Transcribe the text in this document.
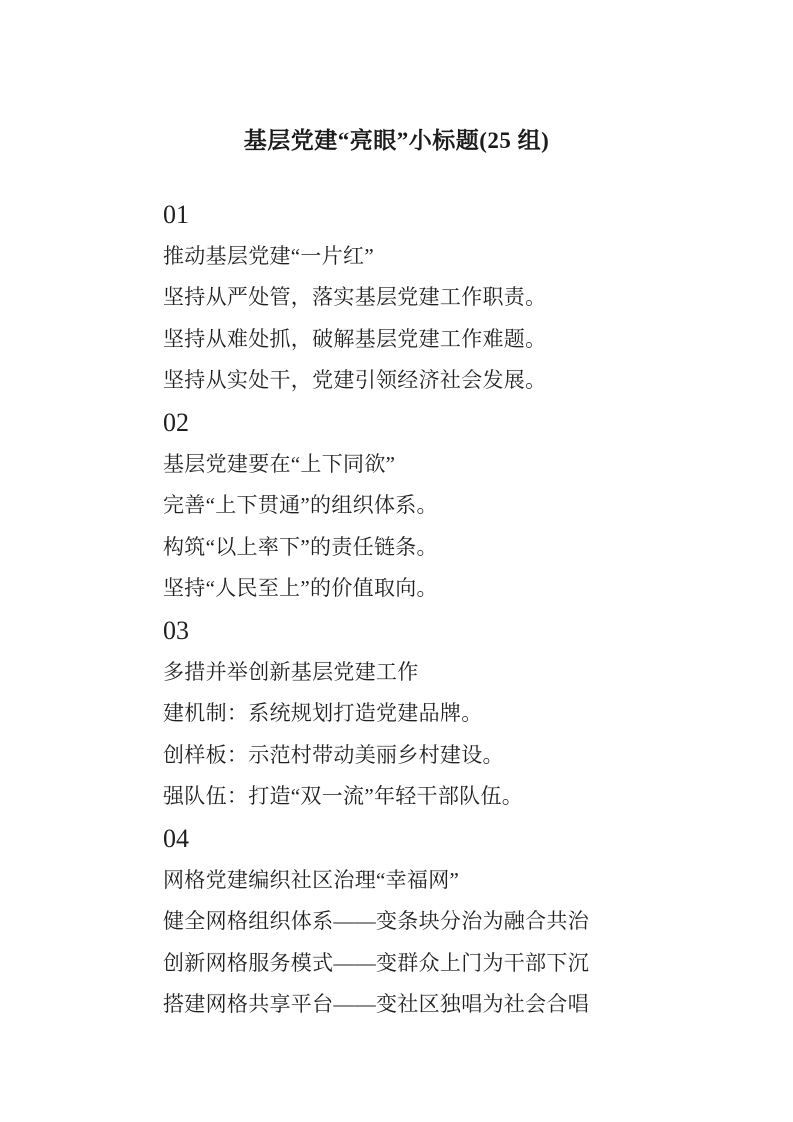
基层党建“亮眼”小标题(25 组)

01

推动基层党建“一片红”

坚持从严处管，落实基层党建工作职责。

坚持从难处抓，破解基层党建工作难题。

坚持从实处干，党建引领经济社会发展。

02

基层党建要在“上下同欲”

完善“上下贯通”的组织体系。

构筑“以上率下”的责任链条。

坚持“人民至上”的价值取向。

03

多措并举创新基层党建工作

建机制：系统规划打造党建品牌。

创样板：示范村带动美丽乡村建设。

强队伍：打造“双一流”年轻干部队伍。

04

网格党建编织社区治理“幸福网”

健全网格组织体系——变条块分治为融合共治

创新网格服务模式——变群众上门为干部下沉

搭建网格共享平台——变社区独唱为社会合唱
